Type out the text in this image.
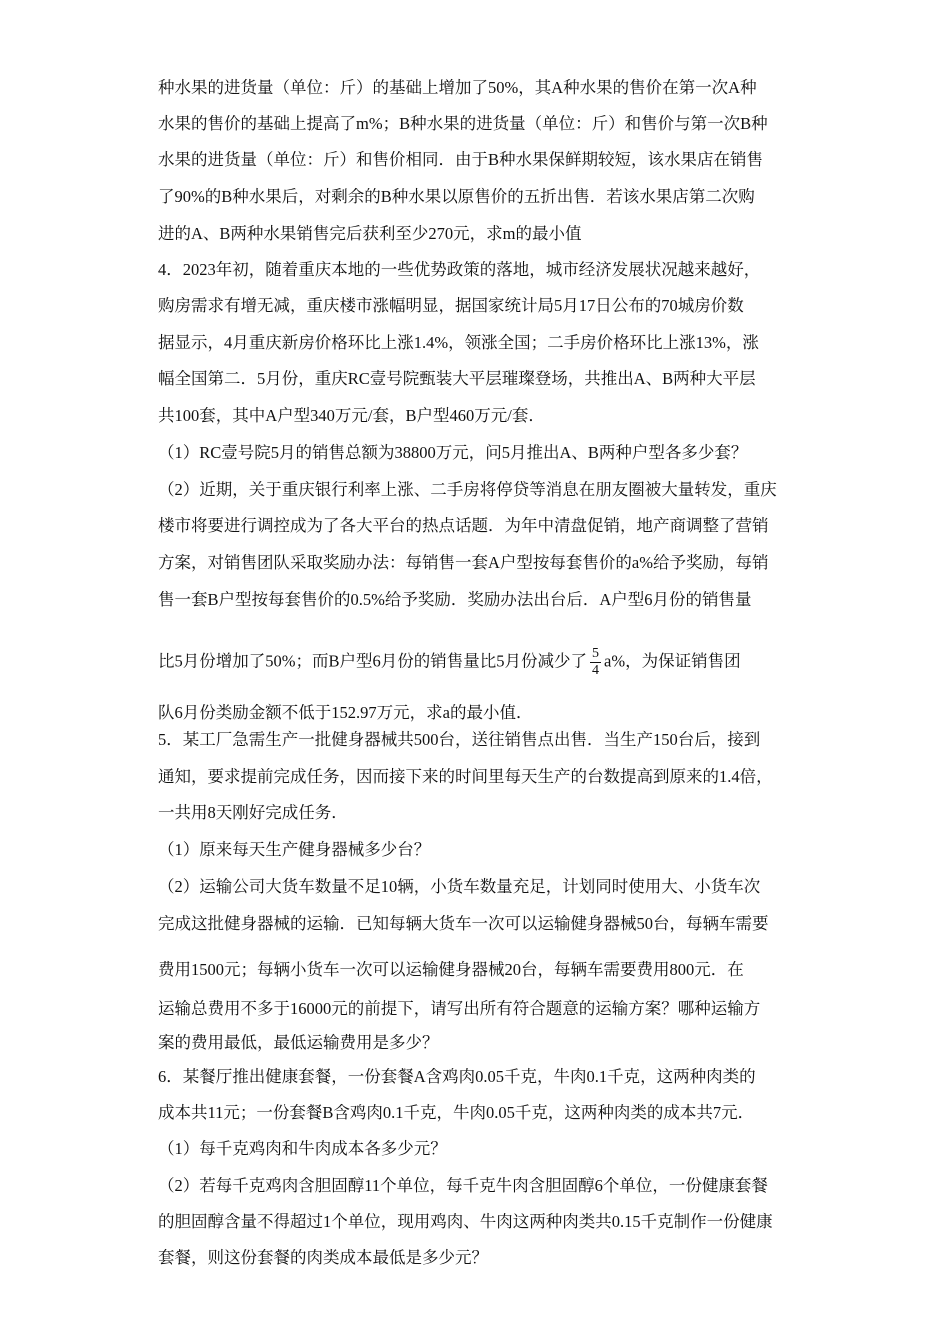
种水果的进货量（单位：斤）的基础上增加了50%，其A种水果的售价在第一次A种
水果的售价的基础上提高了m%；B种水果的进货量（单位：斤）和售价与第一次B种
水果的进货量（单位：斤）和售价相同．由于B种水果保鲜期较短，该水果店在销售
了90%的B种水果后，对剩余的B种水果以原售价的五折出售．若该水果店第二次购
进的A、B两种水果销售完后获利至少270元，求m的最小值
4．2023年初，随着重庆本地的一些优势政策的落地，城市经济发展状况越来越好，
购房需求有增无减，重庆楼市涨幅明显，据国家统计局5月17日公布的70城房价数
据显示，4月重庆新房价格环比上涨1.4%，领涨全国；二手房价格环比上涨13%，涨
幅全国第二．5月份，重庆RC壹号院甄装大平层璀璨登场，共推出A、B两种大平层
共100套，其中A户型340万元/套，B户型460万元/套．
（1）RC壹号院5月的销售总额为38800万元，问5月推出A、B两种户型各多少套？
（2）近期，关于重庆银行利率上涨、二手房将停贷等消息在朋友圈被大量转发，重庆
楼市将要进行调控成为了各大平台的热点话题．为年中清盘促销，地产商调整了营销
方案，对销售团队采取奖励办法：每销售一套A户型按每套售价的a%给予奖励，每销
售一套B户型按每套售价的0.5%给予奖励．奖励办法出台后．A户型6月份的销售量
比5月份增加了50%；而B户型6月份的销售量比5月份减少了 $\frac{5}{4} a\%$，为保证销售团
队6月份类励金额不低于152.97万元，求a的最小值．
5．某工厂急需生产一批健身器械共500台，送往销售点出售．当生产150台后，接到
通知，要求提前完成任务，因而接下来的时间里每天生产的台数提高到原来的1.4倍，
一共用8天刚好完成任务．
（1）原来每天生产健身器械多少台？
（2）运输公司大货车数量不足10辆，小货车数量充足，计划同时使用大、小货车次
完成这批健身器械的运输．已知每辆大货车一次可以运输健身器械50台，每辆车需要
费用1500元；每辆小货车一次可以运输健身器械20台，每辆车需要费用800元．在
运输总费用不多于16000元的前提下，请写出所有符合题意的运输方案？哪种运输方
案的费用最低，最低运输费用是多少？
6．某餐厅推出健康套餐，一份套餐A含鸡肉0.05千克，牛肉0.1千克，这两种肉类的
成本共11元；一份套餐B含鸡肉0.1千克，牛肉0.05千克，这两种肉类的成本共7元．
（1）每千克鸡肉和牛肉成本各多少元？
（2）若每千克鸡肉含胆固醇11个单位，每千克牛肉含胆固醇6个单位，一份健康套餐
的胆固醇含量不得超过1个单位，现用鸡肉、牛肉这两种肉类共0.15千克制作一份健康
套餐，则这份套餐的肉类成本最低是多少元？
